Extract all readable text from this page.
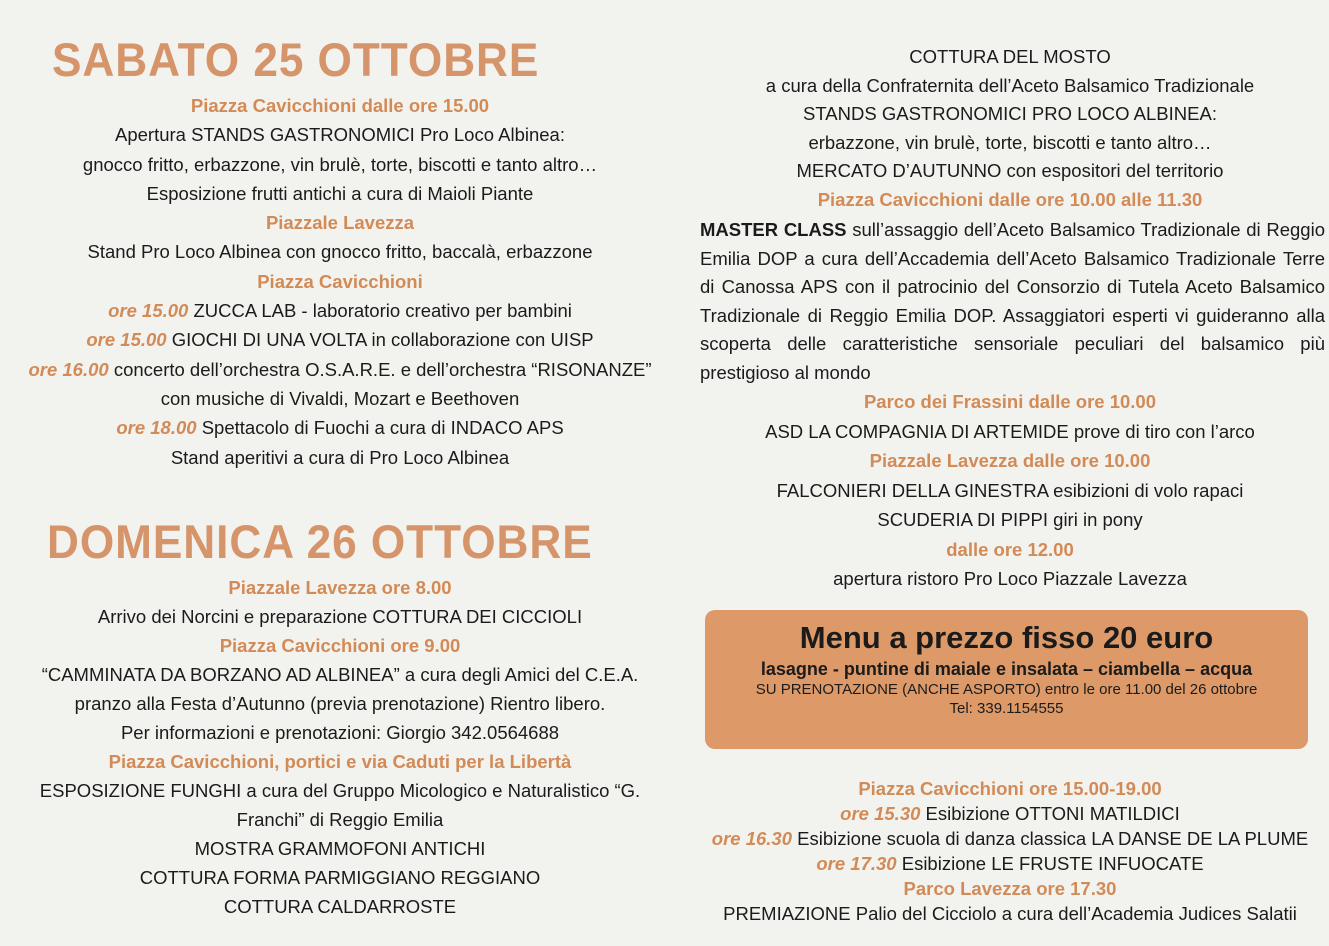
SABATO 25 OTTOBRE
Piazza Cavicchioni dalle ore 15.00
Apertura STANDS GASTRONOMICI Pro Loco Albinea:
gnocco fritto, erbazzone, vin brulè, torte, biscotti e tanto altro…
Esposizione frutti antichi a cura di Maioli Piante
Piazzale Lavezza
Stand Pro Loco Albinea con gnocco fritto, baccalà, erbazzone
Piazza Cavicchioni
ore 15.00 ZUCCA LAB - laboratorio creativo per bambini
ore 15.00 GIOCHI DI UNA VOLTA in collaborazione con UISP
ore 16.00 concerto dell’orchestra O.S.A.R.E. e dell’orchestra “RISONANZE”
con musiche di Vivaldi, Mozart e Beethoven
ore 18.00 Spettacolo di Fuochi a cura di INDACO APS
Stand aperitivi a cura di Pro Loco Albinea
DOMENICA 26 OTTOBRE
Piazzale Lavezza ore 8.00
Arrivo dei Norcini e preparazione COTTURA DEI CICCIOLI
Piazza Cavicchioni ore 9.00
“CAMMINATA DA BORZANO AD ALBINEA” a cura degli Amici del C.E.A.
pranzo alla Festa d’Autunno (previa prenotazione) Rientro libero.
Per informazioni e prenotazioni: Giorgio 342.0564688
Piazza Cavicchioni, portici e via Caduti per la Libertà
ESPOSIZIONE FUNGHI a cura del Gruppo Micologico e Naturalistico “G.
Franchi” di Reggio Emilia
MOSTRA GRAMMOFONI ANTICHI
COTTURA FORMA PARMIGGIANO REGGIANO
COTTURA CALDARROSTE
COTTURA DEL MOSTO
a cura della Confraternita dell’Aceto Balsamico Tradizionale
STANDS GASTRONOMICI PRO LOCO ALBINEA:
erbazzone, vin brulè, torte, biscotti e tanto altro…
MERCATO D’AUTUNNO con espositori del territorio
Piazza Cavicchioni dalle ore 10.00 alle 11.30
MASTER CLASS sull’assaggio dell’Aceto Balsamico Tradizionale di Reggio Emilia DOP a cura dell’Accademia dell’Aceto Balsamico Tradizionale Terre di Canossa APS con il patrocinio del Consorzio di Tutela Aceto Balsamico Tradizionale di Reggio Emilia DOP. Assaggiatori esperti vi guideranno alla scoperta delle caratteristiche sensoriale peculiari del balsamico più prestigioso al mondo
Parco dei Frassini dalle ore 10.00
ASD LA COMPAGNIA DI ARTEMIDE prove di tiro con l’arco
Piazzale Lavezza dalle ore 10.00
FALCONIERI DELLA GINESTRA esibizioni di volo rapaci
SCUDERIA DI PIPPI giri in pony
dalle ore 12.00
apertura ristoro Pro Loco Piazzale Lavezza
Menu a prezzo fisso 20 euro
lasagne - puntine di maiale e insalata – ciambella – acqua
SU PRENOTAZIONE (ANCHE ASPORTO) entro le ore 11.00 del 26 ottobre
Tel: 339.1154555
Piazza Cavicchioni ore 15.00-19.00
ore 15.30 Esibizione OTTONI MATILDICI
ore 16.30 Esibizione scuola di danza classica LA DANSE DE LA PLUME
ore 17.30 Esibizione LE FRUSTE INFUOCATE
Parco Lavezza ore 17.30
PREMIAZIONE Palio del Cicciolo a cura dell’Academia Judices Salatii
